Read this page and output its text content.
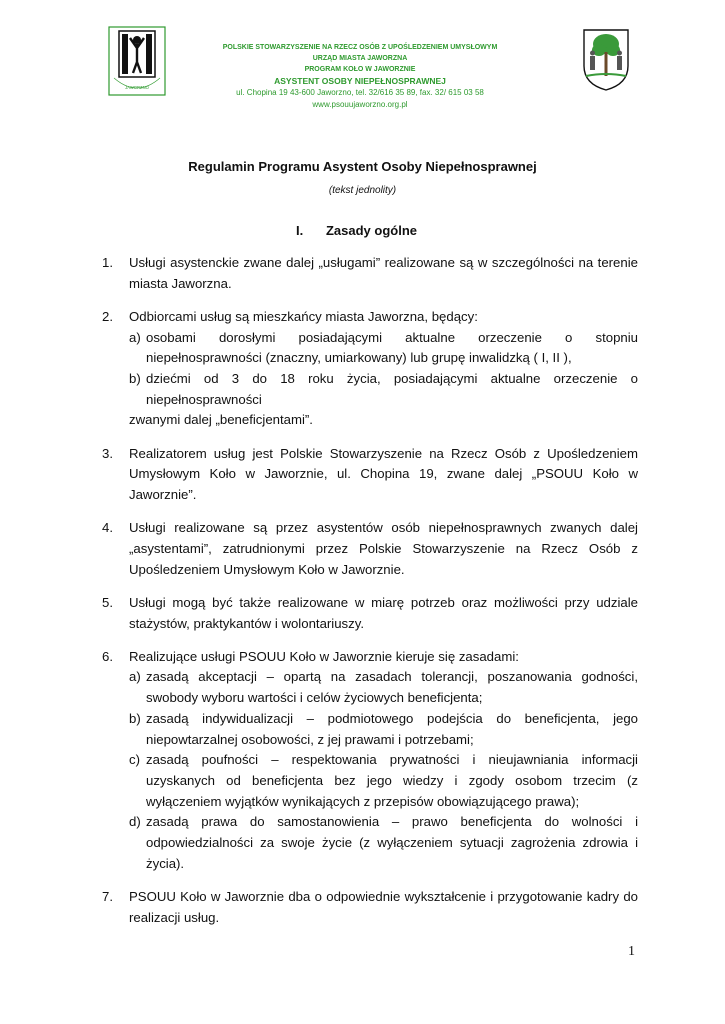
JAWORZNO
POLSKIE STOWARZYSZENIE NA RZECZ OSÓB Z UPOŚLEDZENIEM UMYSŁOWYM
URZĄD MIASTA JAWORZNA
PROGRAM KOŁO W JAWORZNIE
ASYSTENT OSOBY NIEPEŁNOSPRAWNEJ
ul. Chopina 19 43-600 Jaworzno, tel. 32/616 35 89, fax. 32/ 615 03 58
www.psouujaworzno.org.pl
Regulamin Programu Asystent Osoby Niepełnosprawnej
(tekst jednolity)
I. Zasady ogólne
1. Usługi asystenckie zwane dalej „usługami” realizowane są w szczególności na terenie miasta Jaworzna.
2. Odbiorcami usług są mieszkańcy miasta Jaworzna, będący:
a) osobami dorosłymi posiadającymi aktualne orzeczenie o stopniu niepełnosprawności (znaczny, umiarkowany) lub grupę inwalidzką ( I, II ),
b) dziećmi od 3 do 18 roku życia, posiadającymi aktualne orzeczenie o niepełnosprawności
zwanymi dalej „beneficjentami”.
3. Realizatorem usług jest Polskie Stowarzyszenie na Rzecz Osób z Upośledzeniem Umysłowym Koło w Jaworznie, ul. Chopina 19, zwane dalej „PSOUU Koło w Jaworznie”.
4. Usługi realizowane są przez asystentów osób niepełnosprawnych zwanych dalej „asystentami”, zatrudnionymi przez Polskie Stowarzyszenie na Rzecz Osób z Upośledzeniem Umysłowym Koło w Jaworznie.
5. Usługi mogą być także realizowane w miarę potrzeb oraz możliwości przy udziale stażystów, praktykantów i wolontariuszy.
6. Realizujące usługi PSOUU Koło w Jaworznie kieruje się zasadami:
a) zasadą akceptacji – opartą na zasadach tolerancji, poszanowania godności, swobody wyboru wartości i celów życiowych beneficjenta;
b) zasadą indywidualizacji – podmiotowego podejścia do beneficjenta, jego niepowtarzalnej osobowości, z jej prawami i potrzebami;
c) zasadą poufności – respektowania prywatności i nieujawniania informacji uzyskanych od beneficjenta bez jego wiedzy i zgody osobom trzecim (z wyłączeniem wyjątków wynikających z przepisów obowiązującego prawa);
d) zasadą prawa do samostanowienia – prawo beneficjenta do wolności i odpowiedzialności za swoje życie (z wyłączeniem sytuacji zagrożenia zdrowia i życia).
7. PSOUU Koło w Jaworznie dba o odpowiednie wykształcenie i przygotowanie kadry do realizacji usług.
1
